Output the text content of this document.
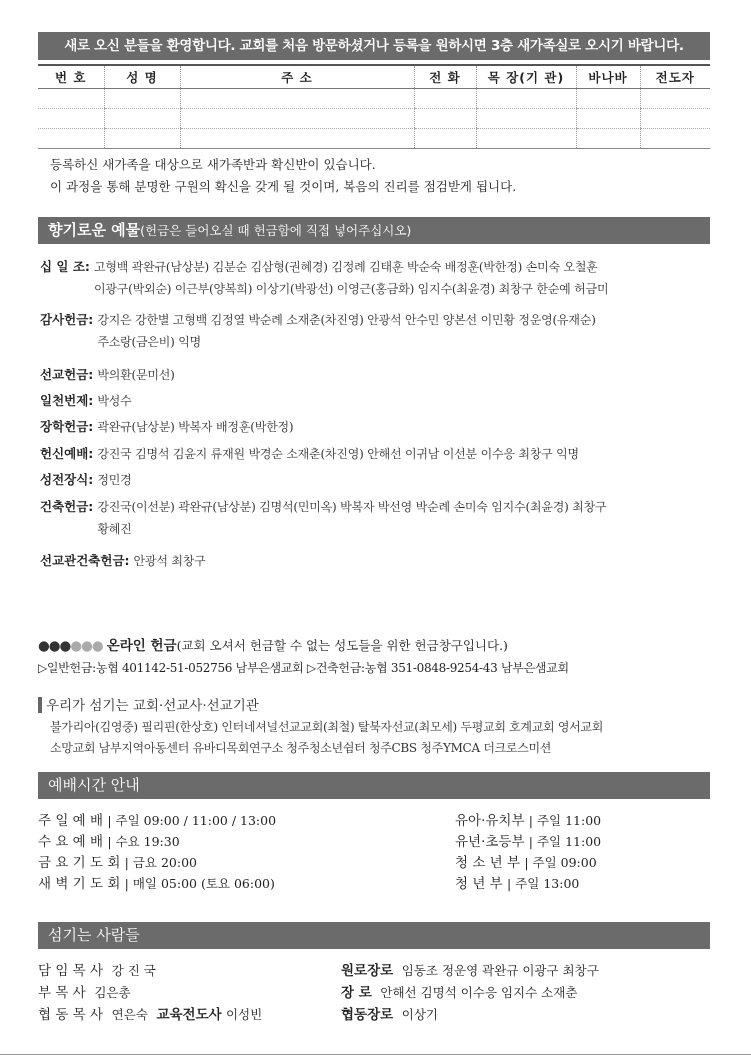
새로 오신 분들을 환영합니다. 교회를 처음 방문하셨거나 등록을 원하시면 3층 새가족실로 오시기 바랍니다.
번 호	성 명	주 소	전 화	목 장(기 관)	바나바	전도자

등록하신 새가족을 대상으로 새가족반과 확신반이 있습니다.
이 과정을 통해 분명한 구원의 확신을 갖게 될 것이며, 복음의 진리를 점검받게 됩니다.
향기로운 예물(헌금은 들어오실 때 헌금함에 직접 넣어주십시오)
십 일 조: 고형백 곽완규(남상분) 김분순 김삼형(권혜경) 김정례 김태훈 박순숙 배정훈(박한정) 손미숙 오철훈
이광구(박외순) 이근부(양복희) 이상기(박광선) 이영근(홍금화) 임지수(최윤경) 최창구 한순예 허금미
감사헌금: 강지은 강한별 고형백 김정열 박순례 소재춘(차진영) 안광석 안수민 양본선 이민황 정운영(유재순)
주소랑(금은비) 익명
선교헌금: 박의환(문미선)
일천번제: 박성수
장학헌금: 곽완규(남상분) 박복자 배정훈(박한정)
헌신예배: 강진국 김명석 김윤지 류재원 박경순 소재춘(차진영) 안해선 이귀남 이선분 이수응 최창구 익명
성전장식: 정민경
건축헌금: 강진국(이선분) 곽완규(남상분) 김명석(민미옥) 박복자 박선영 박순례 손미숙 임지수(최윤경) 최창구
황혜진
선교관건축헌금: 안광석 최창구
●●●●●● 온라인 헌금(교회 오셔서 헌금할 수 없는 성도들을 위한 헌금창구입니다.)
▷일반헌금:농협 401142-51-052756 남부은샘교회 ▷건축헌금:농협 351-0848-9254-43 남부은샘교회
우리가 섬기는 교회·선교사·선교기관
불가리아(김영중) 필리핀(한상호) 인터네셔널선교교회(최철) 탈북자선교(최모세) 두평교회 호계교회 영서교회
소망교회 남부지역아동센터 유바디목회연구소 청주청소년쉼터 청주CBS 청주YMCA 더크로스미션
예배시간 안내
주 일 예 배 | 주일 09:00 / 11:00 / 13:00
수 요 예 배 | 수요 19:30
금 요 기 도 회 | 금요 20:00
새 벽 기 도 회 | 매일 05:00 (토요 06:00)
유아·유치부 | 주일 11:00
유년·초등부 | 주일 11:00
청 소 년 부 | 주일 09:00
청 년 부 | 주일 13:00
섬기는 사람들
담 임 목 사 강 진 국
부 목 사 김은총
협 동 목 사 연은숙 교육전도사 이성빈
원로장로 임동조 정운영 곽완규 이광구 최창구
장 로 안해선 김명석 이수응 임지수 소재춘
협동장로 이상기
